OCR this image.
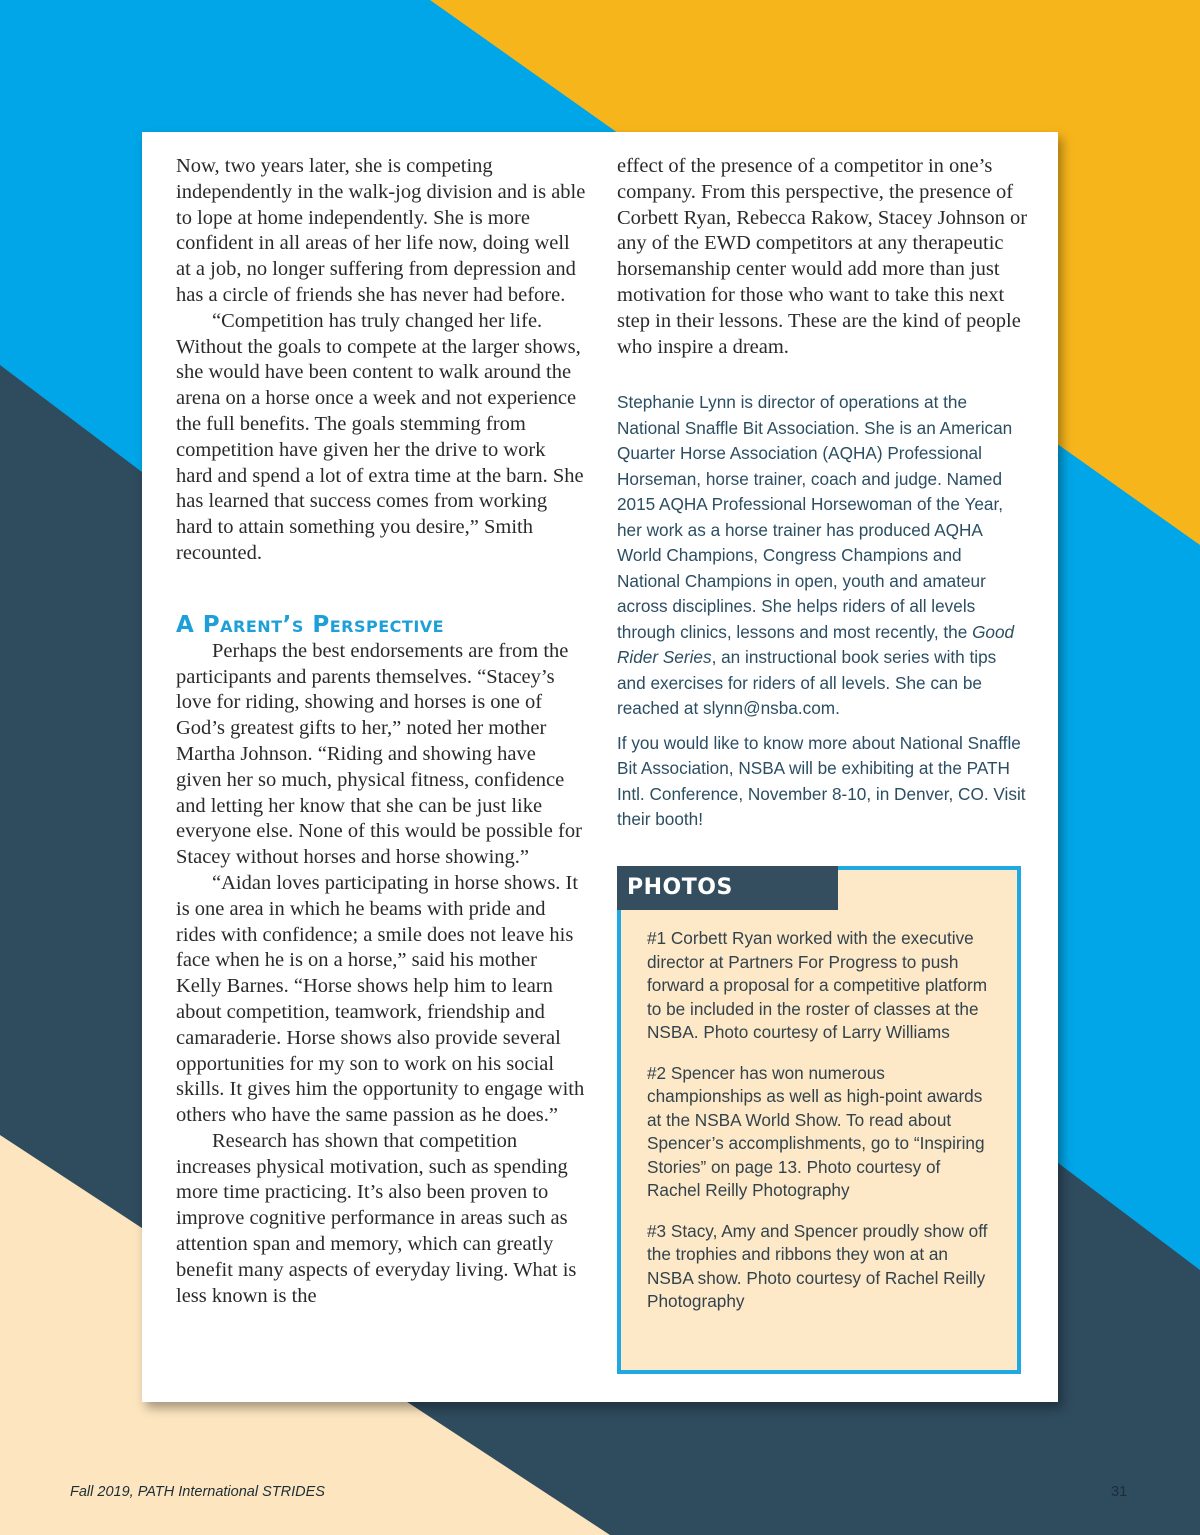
Now, two years later, she is competing independently in the walk-jog division and is able to lope at home independently. She is more confident in all areas of her life now, doing well at a job, no longer suffering from depression and has a circle of friends she has never had before.

“Competition has truly changed her life. Without the goals to compete at the larger shows, she would have been content to walk around the arena on a horse once a week and not experience the full benefits. The goals stemming from competition have given her the drive to work hard and spend a lot of extra time at the barn. She has learned that success comes from working hard to attain something you desire,” Smith recounted.

A Parent’s Perspective

Perhaps the best endorsements are from the participants and parents themselves. “Stacey’s love for riding, showing and horses is one of God’s greatest gifts to her,” noted her mother Martha Johnson. “Riding and showing have given her so much, physical fitness, confidence and letting her know that she can be just like everyone else. None of this would be possible for Stacey without horses and horse showing.”

“Aidan loves participating in horse shows. It is one area in which he beams with pride and rides with confidence; a smile does not leave his face when he is on a horse,” said his mother Kelly Barnes. “Horse shows help him to learn about competition, teamwork, friendship and camaraderie. Horse shows also provide several opportunities for my son to work on his social skills. It gives him the opportunity to engage with others who have the same passion as he does.”

Research has shown that competition increases physical motivation, such as spending more time practicing. It’s also been proven to improve cognitive performance in areas such as attention span and memory, which can greatly benefit many aspects of everyday living. What is less known is the

effect of the presence of a competitor in one’s company. From this perspective, the presence of Corbett Ryan, Rebecca Rakow, Stacey Johnson or any of the EWD competitors at any therapeutic horsemanship center would add more than just motivation for those who want to take this next step in their lessons. These are the kind of people who inspire a dream.

Stephanie Lynn is director of operations at the National Snaffle Bit Association. She is an American Quarter Horse Association (AQHA) Professional Horseman, horse trainer, coach and judge. Named 2015 AQHA Professional Horsewoman of the Year, her work as a horse trainer has produced AQHA World Champions, Congress Champions and National Champions in open, youth and amateur across disciplines. She helps riders of all levels through clinics, lessons and most recently, the Good Rider Series, an instructional book series with tips and exercises for riders of all levels. She can be reached at slynn@nsba.com.

If you would like to know more about National Snaffle Bit Association, NSBA will be exhibiting at the PATH Intl. Conference, November 8-10, in Denver, CO. Visit their booth!

PHOTOS

#1 Corbett Ryan worked with the executive director at Partners For Progress to push forward a proposal for a competitive platform to be included in the roster of classes at the NSBA. Photo courtesy of Larry Williams

#2 Spencer has won numerous championships as well as high-point awards at the NSBA World Show. To read about Spencer’s accomplishments, go to “Inspiring Stories” on page 13. Photo courtesy of Rachel Reilly Photography

#3 Stacy, Amy and Spencer proudly show off the trophies and ribbons they won at an NSBA show. Photo courtesy of Rachel Reilly Photography

Fall 2019, PATH International STRIDES	31
